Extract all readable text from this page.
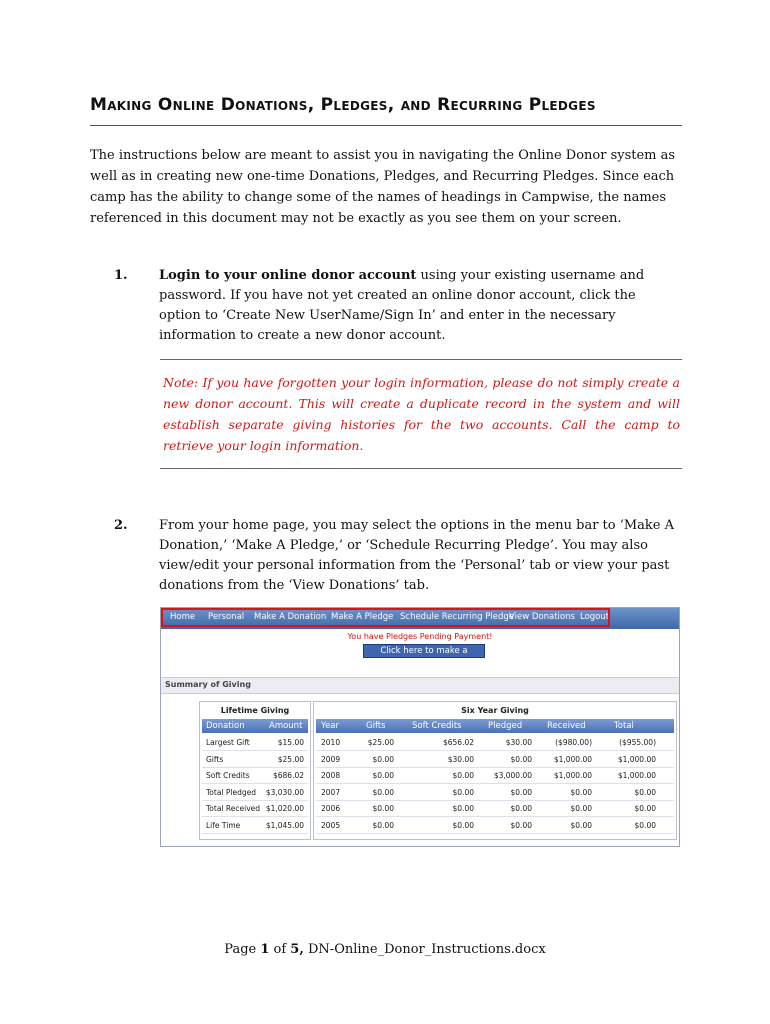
Making Online Donations, Pledges, and Recurring Pledges

The instructions below are meant to assist you in navigating the Online Donor system as well as in creating new one-time Donations, Pledges, and Recurring Pledges. Since each camp has the ability to change some of the names of headings in Campwise, the names referenced in this document may not be exactly as you see them on your screen.

1. Login to your online donor account using your existing username and password. If you have not yet created an online donor account, click the option to ‘Create New UserName/Sign In’ and enter in the necessary information to create a new donor account.

Note: If you have forgotten your login information, please do not simply create a new donor account. This will create a duplicate record in the system and will establish separate giving histories for the two accounts. Call the camp to retrieve your login information.

2. From your home page, you may select the options in the menu bar to ‘Make A Donation,’ ‘Make A Pledge,’ or ‘Schedule Recurring Pledge’. You may also view/edit your personal information from the ‘Personal’ tab or view your past donations from the ‘View Donations’ tab.

Home Personal Make A Donation Make A Pledge Schedule Recurring Pledge
View Donations Logout
You have Pledges Pending Payment!
Click here to make a payment
Summary of Giving
Lifetime Giving
Donation	Amount
Largest Gift	$15.00
Gifts	$25.00
Soft Credits	$686.02
Total Pledged $3,030.00
Total Received $1,020.00
Life Time	$1,045.00
Six Year Giving
Year	Gifts	Soft Credits	Pledged	Received	Total
2010	$25.00	$656.02	$30.00	($980.00)	($955.00)
2009	$0.00	$30.00	$0.00	$1,000.00	$1,000.00
2008	$0.00	$0.00	$3,000.00	$1,000.00	$1,000.00
2007	$0.00	$0.00	$0.00	$0.00	$0.00
2006	$0.00	$0.00	$0.00	$0.00	$0.00
2005	$0.00	$0.00	$0.00	$0.00	$0.00
Page 1 of 5, DN-Online_Donor_Instructions.docx
